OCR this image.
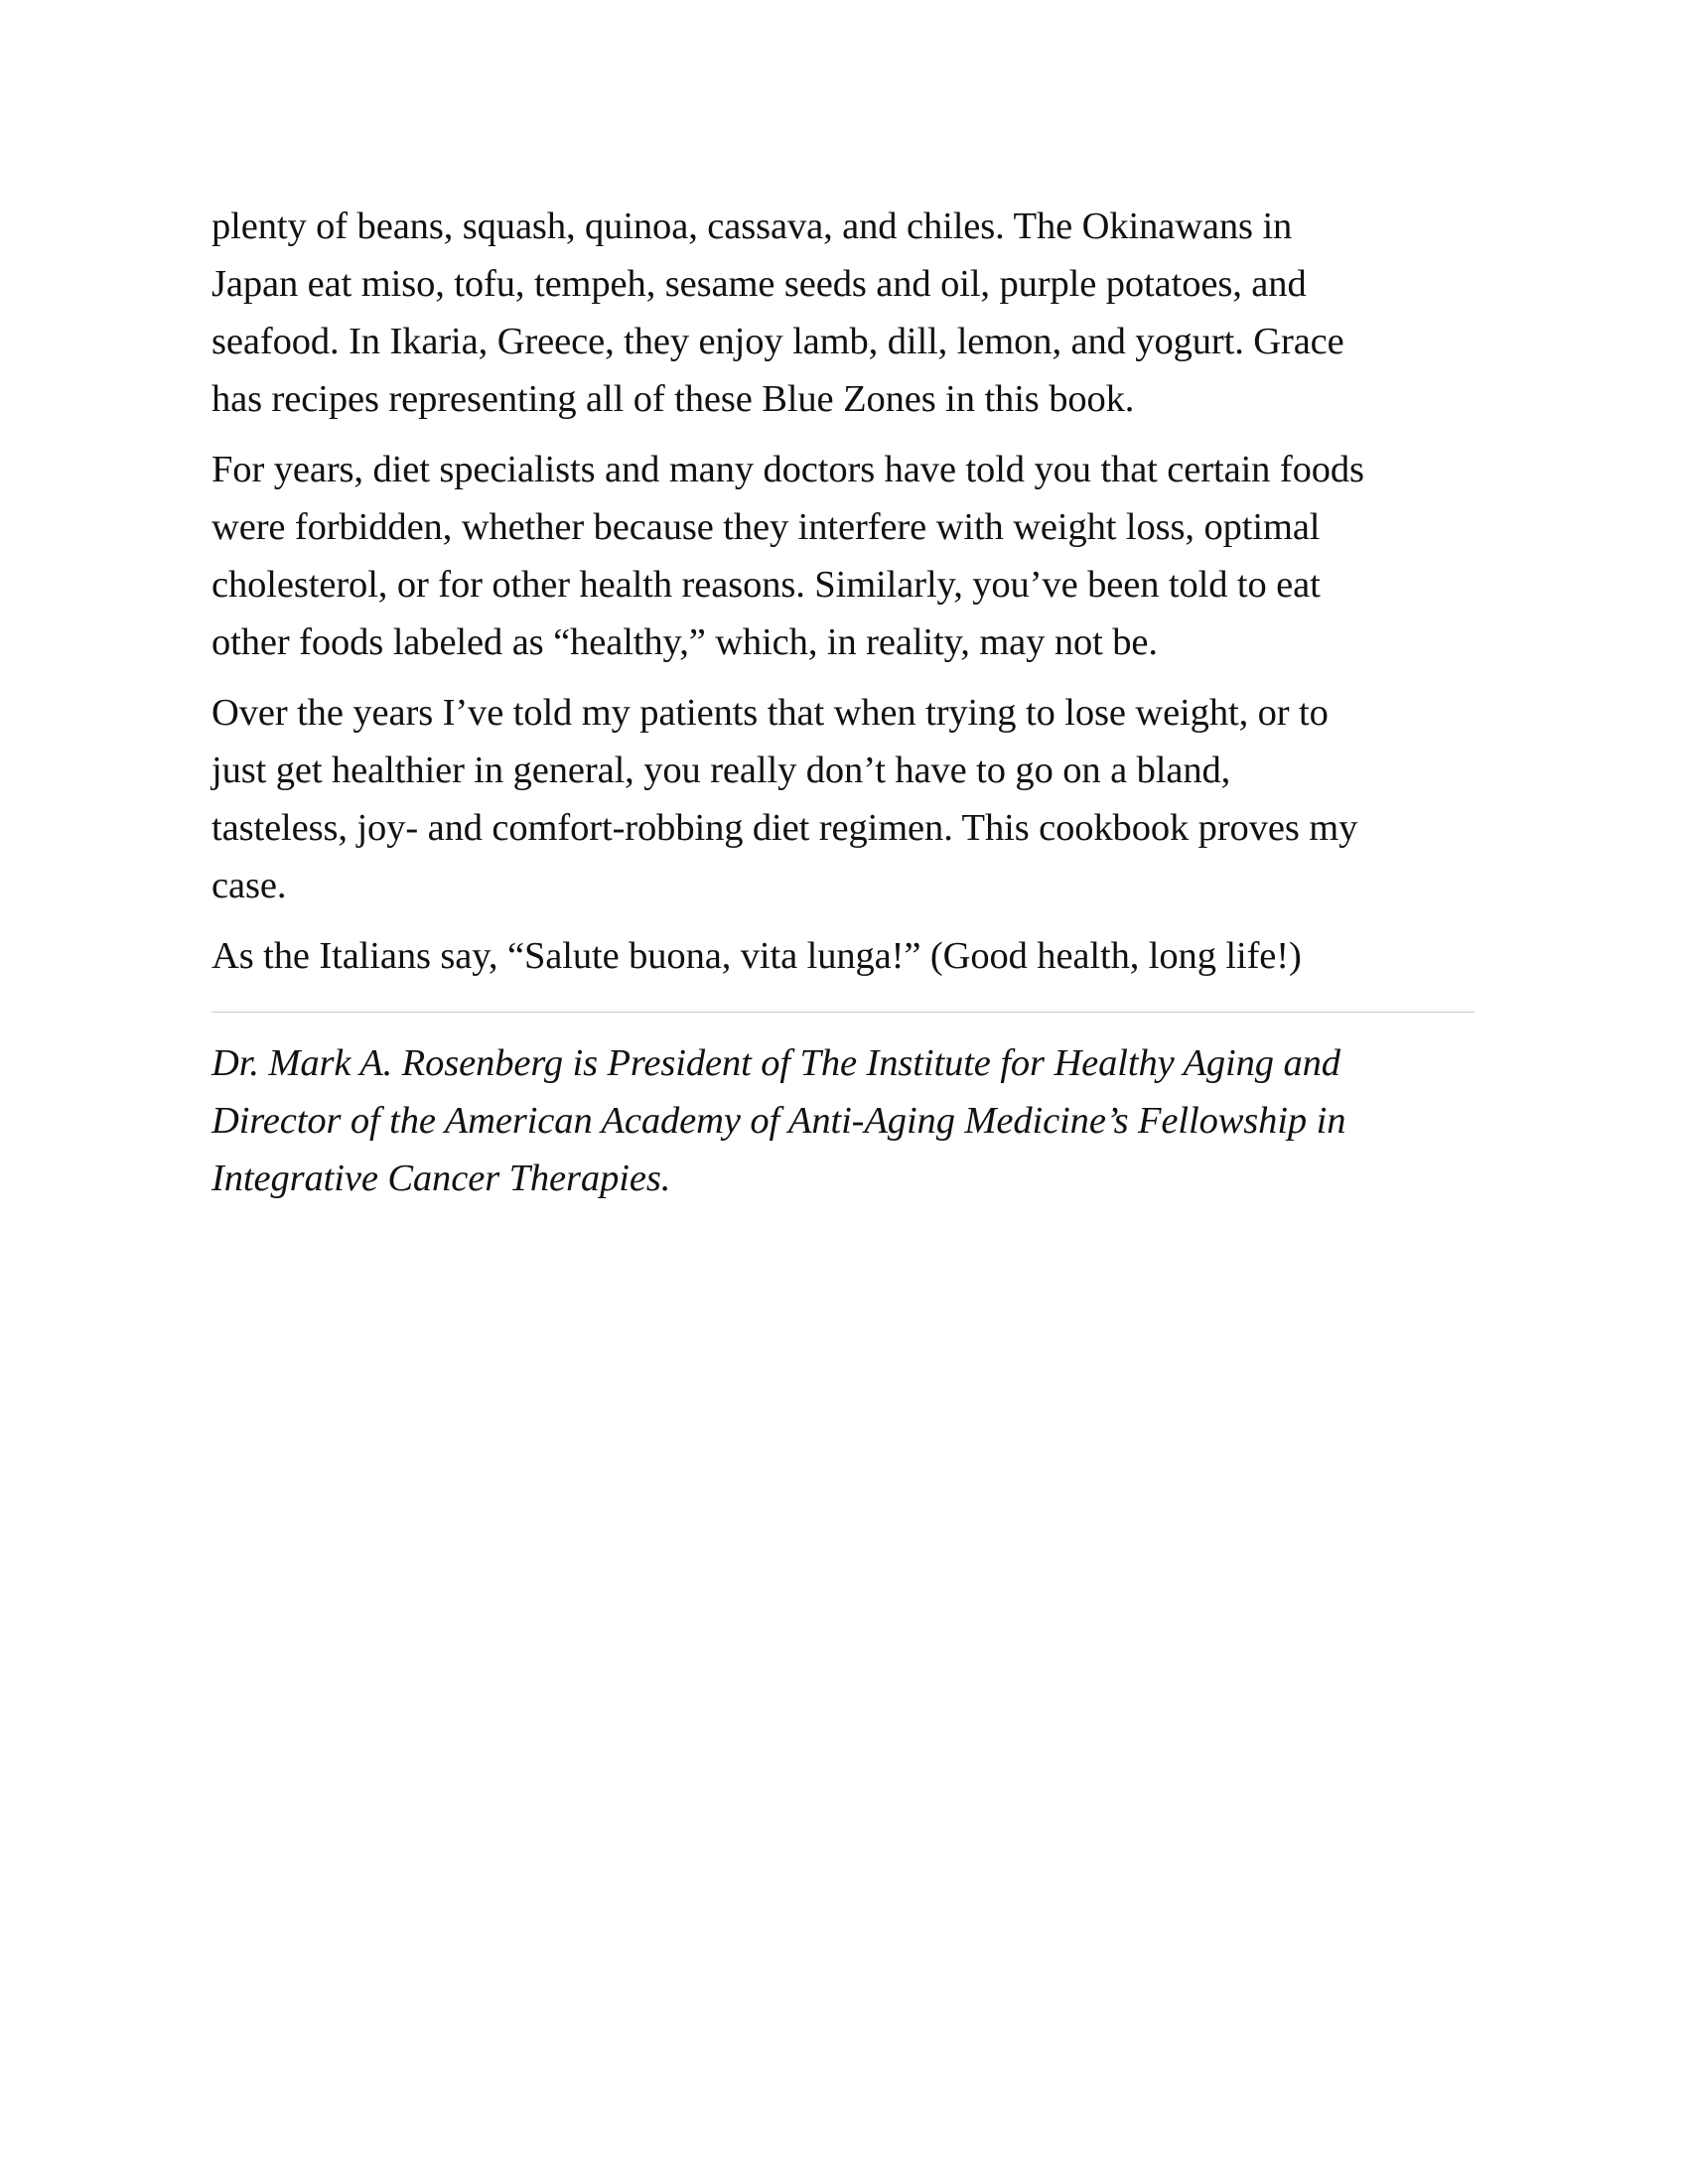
plenty of beans, squash, quinoa, cassava, and chiles. The Okinawans in
Japan eat miso, tofu, tempeh, sesame seeds and oil, purple potatoes, and
seafood. In Ikaria, Greece, they enjoy lamb, dill, lemon, and yogurt. Grace
has recipes representing all of these Blue Zones in this book.

For years, diet specialists and many doctors have told you that certain foods
were forbidden, whether because they interfere with weight loss, optimal
cholesterol, or for other health reasons. Similarly, you’ve been told to eat
other foods labeled as “healthy,” which, in reality, may not be.

Over the years I’ve told my patients that when trying to lose weight, or to
just get healthier in general, you really don’t have to go on a bland,
tasteless, joy- and comfort-robbing diet regimen. This cookbook proves my
case.

As the Italians say, “Salute buona, vita lunga!” (Good health, long life!)

Dr. Mark A. Rosenberg is President of The Institute for Healthy Aging and
Director of the American Academy of Anti-Aging Medicine’s Fellowship in
Integrative Cancer Therapies.
